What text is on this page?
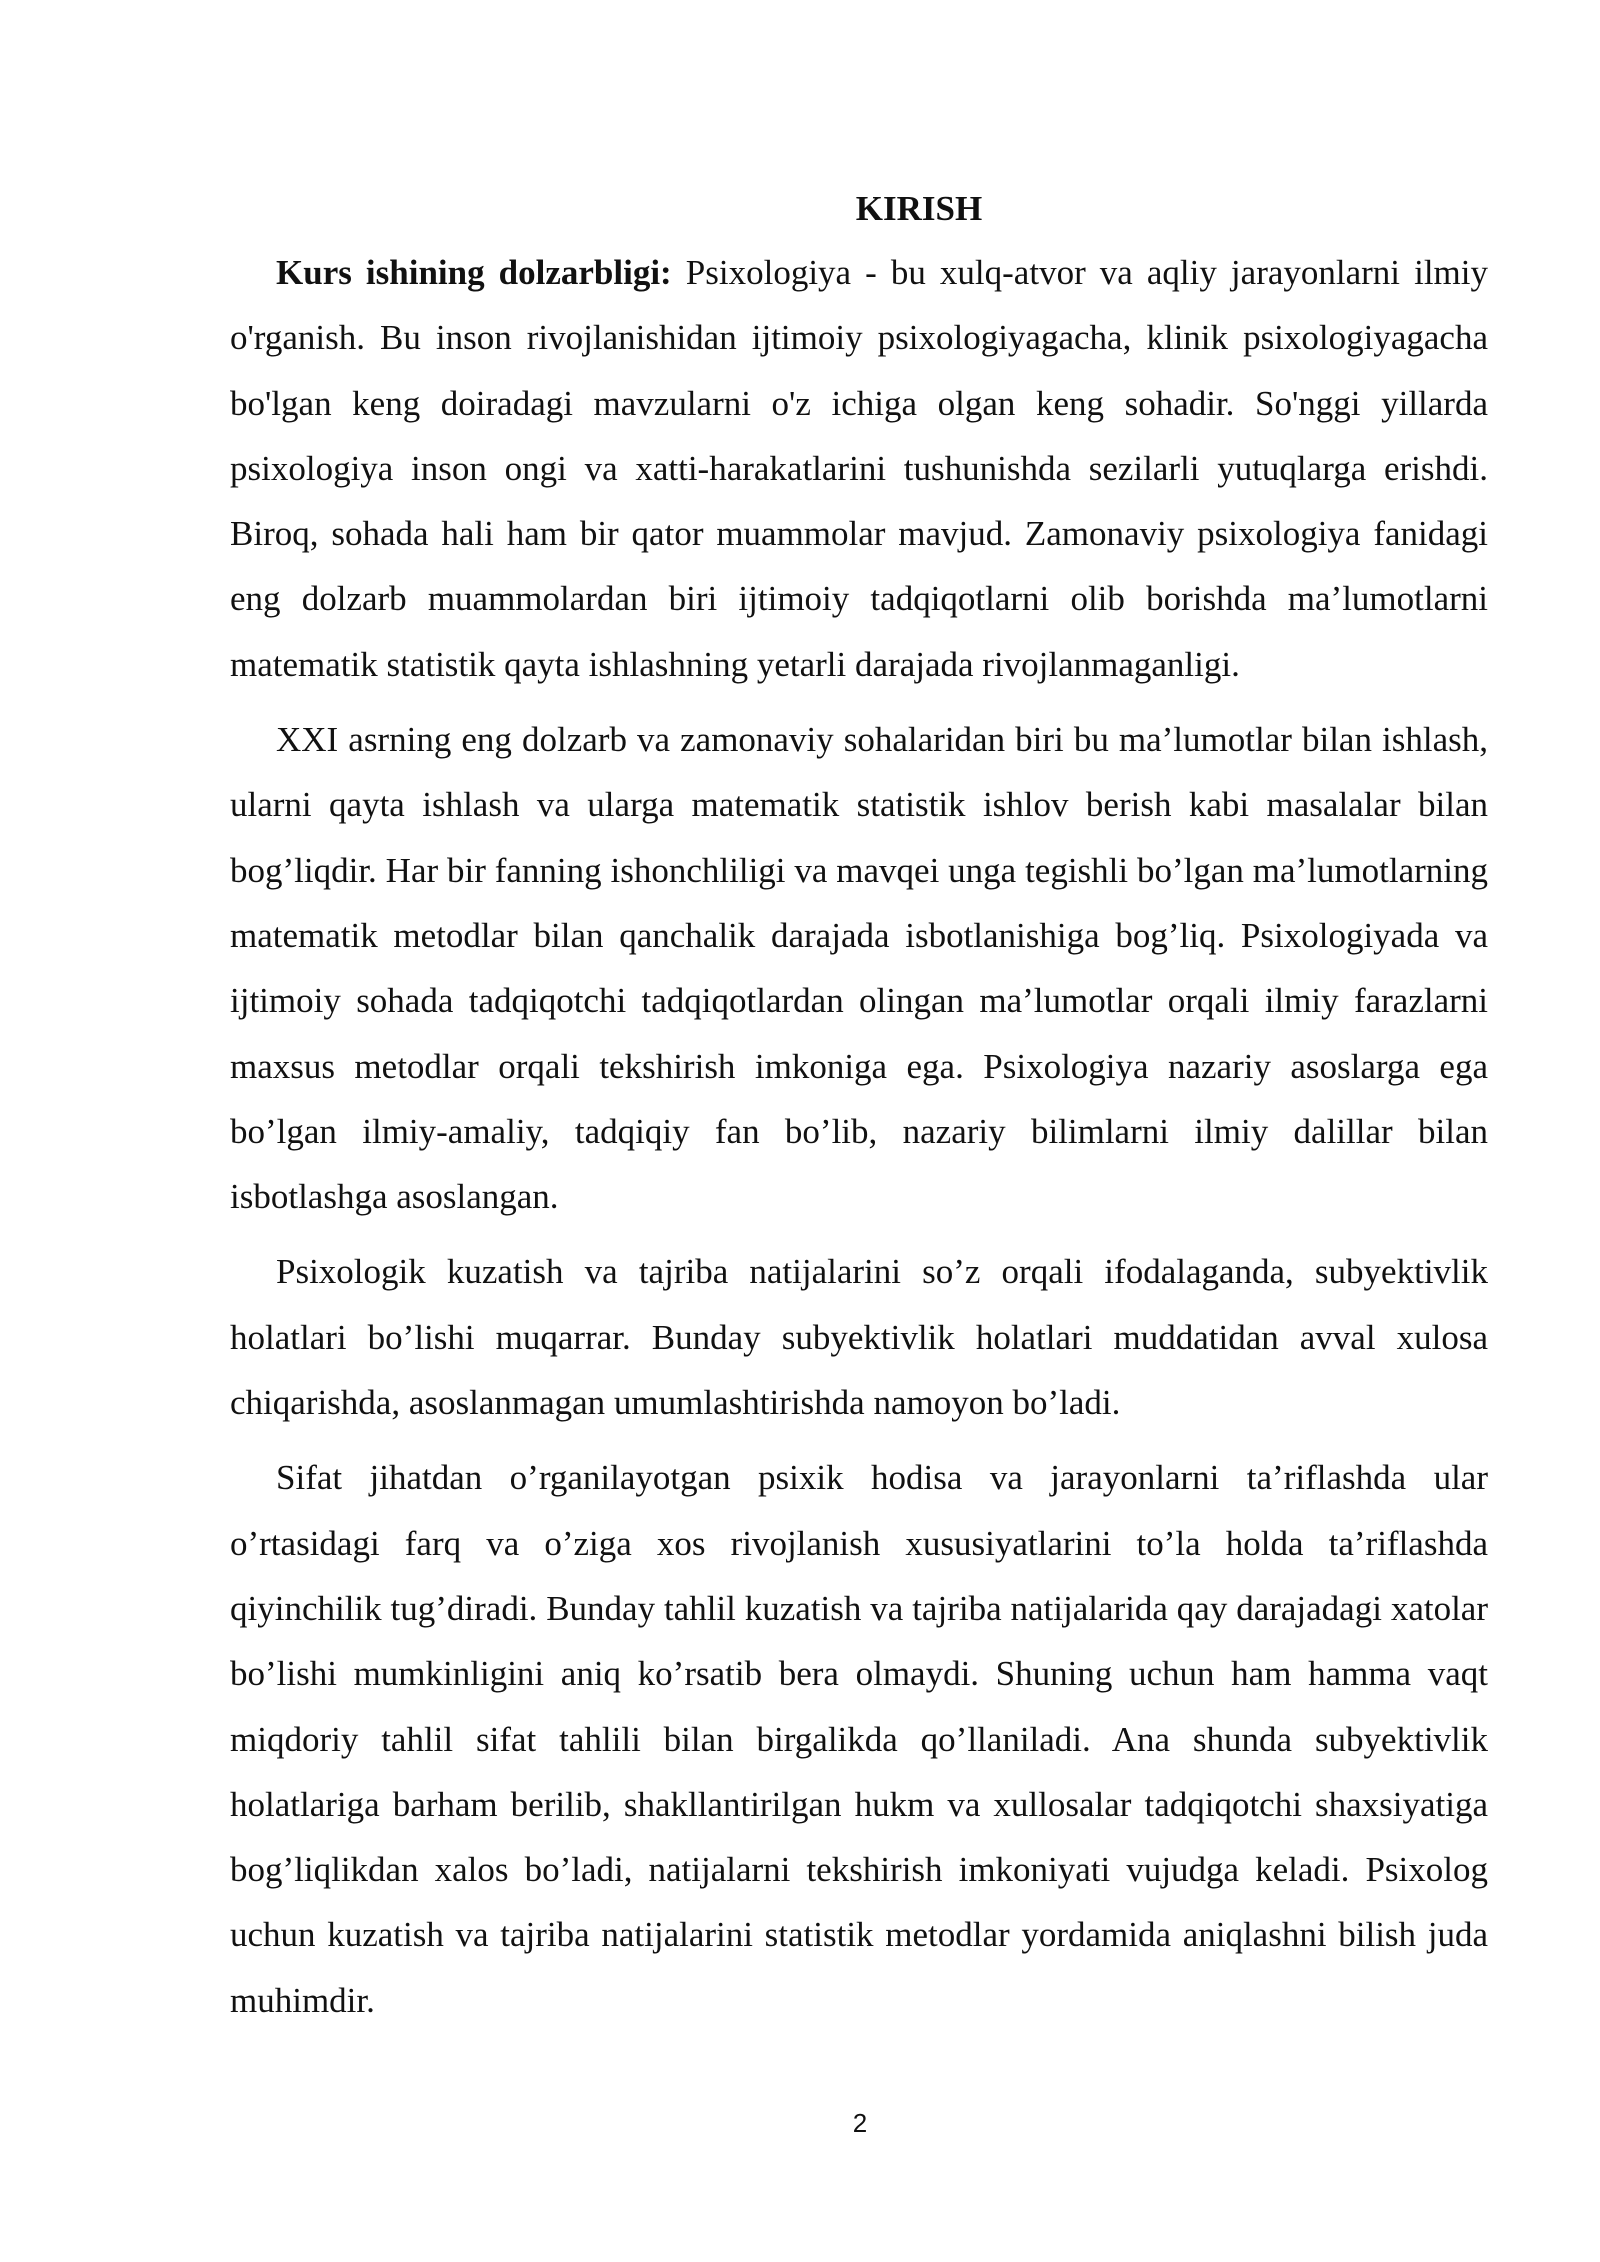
KIRISH

Kurs ishining dolzarbligi: Psixologiya - bu xulq-atvor va aqliy jarayonlarni ilmiy o'rganish. Bu inson rivojlanishidan ijtimoiy psixologiyagacha, klinik psixologiyagacha bo'lgan keng doiradagi mavzularni o'z ichiga olgan keng sohadir. So'nggi yillarda psixologiya inson ongi va xatti-harakatlarini tushunishda sezilarli yutuqlarga erishdi. Biroq, sohada hali ham bir qator muammolar mavjud. Zamonaviy psixologiya fanidagi eng dolzarb muammolardan biri ijtimoiy tadqiqotlarni olib borishda ma’lumotlarni matematik statistik qayta ishlashning yetarli darajada rivojlanmaganligi.

XXI asrning eng dolzarb va zamonaviy sohalaridan biri bu ma’lumotlar bilan ishlash, ularni qayta ishlash va ularga matematik statistik ishlov berish kabi masalalar bilan bog’liqdir. Har bir fanning ishonchliligi va mavqei unga tegishli bo’lgan ma’lumotlarning matematik metodlar bilan qanchalik darajada isbotlanishiga bog’liq. Psixologiyada va ijtimoiy sohada tadqiqotchi tadqiqotlardan olingan ma’lumotlar orqali ilmiy farazlarni maxsus metodlar orqali tekshirish imkoniga ega. Psixologiya nazariy asoslarga ega bo’lgan ilmiy-amaliy, tadqiqiy fan bo’lib, nazariy bilimlarni ilmiy dalillar bilan isbotlashga asoslangan.

Psixologik kuzatish va tajriba natijalarini so’z orqali ifodalaganda, subyektivlik holatlari bo’lishi muqarrar. Bunday subyektivlik holatlari muddatidan avval xulosa chiqarishda, asoslanmagan umumlashtirishda namoyon bo’ladi.

Sifat jihatdan o’rganilayotgan psixik hodisa va jarayonlarni ta’riflashda ular o’rtasidagi farq va o’ziga xos rivojlanish xususiyatlarini to’la holda ta’riflashda qiyinchilik tug’diradi. Bunday tahlil kuzatish va tajriba natijalarida qay darajadagi xatolar bo’lishi mumkinligini aniq ko’rsatib bera olmaydi. Shuning uchun ham hamma vaqt miqdoriy tahlil sifat tahlili bilan birgalikda qo’llaniladi. Ana shunda subyektivlik holatlariga barham berilib, shakllantirilgan hukm va xullosalar tadqiqotchi shaxsiyatiga bog’liqlikdan xalos bo’ladi, natijalarni tekshirish imkoniyati vujudga keladi. Psixolog uchun kuzatish va tajriba natijalarini statistik metodlar yordamida aniqlashni bilish juda muhimdir.

2
